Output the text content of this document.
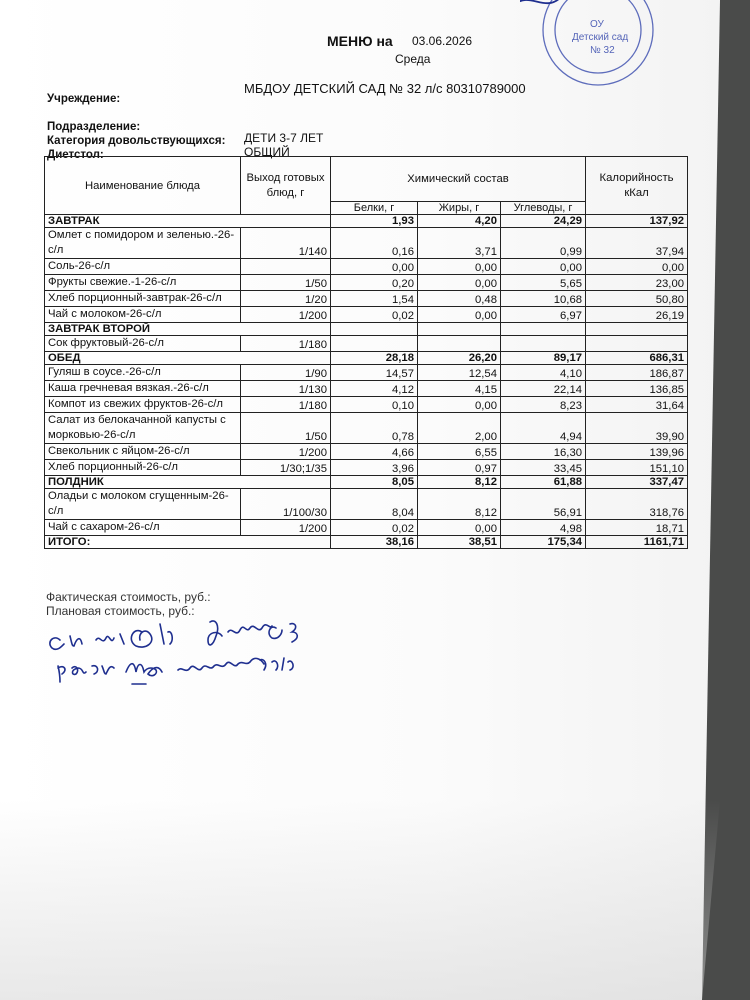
ОУ
Детский сад
№ 32
МЕНЮ на 03.06.2026
Среда
Учреждение:
МБДОУ ДЕТСКИЙ САД № 32 л/с 80310789000
Подразделение:
Категория довольствующихся: ДЕТИ 3-7 ЛЕТ
Диетстол:	ОБЩИЙ
Наименование блюда	Выход готовых блюд, г	Химический состав			Калорийность кКал
		Белки, г	Жиры, г	Углеводы, г	
ЗАВТРАК		1,93	4,20	24,29	137,92
Омлет с помидором и зеленью.-26-с/л	1/140	0,16	3,71	0,99	37,94
Соль-26-с/л		0,00	0,00	0,00	0,00
Фрукты свежие.-1-26-с/л	1/50	0,20	0,00	5,65	23,00
Хлеб порционный-завтрак-26-с/л	1/20	1,54	0,48	10,68	50,80
Чай с молоком-26-с/л	1/200	0,02	0,00	6,97	26,19
ЗАВТРАК ВТОРОЙ					
Сок фруктовый-26-с/л	1/180				
ОБЕД		28,18	26,20	89,17	686,31
Гуляш в соусе.-26-с/л	1/90	14,57	12,54	4,10	186,87
Каша гречневая вязкая.-26-с/л	1/130	4,12	4,15	22,14	136,85
Компот из свежих фруктов-26-с/л	1/180	0,10	0,00	8,23	31,64
Салат из белокачанной капусты с морковью-26-с/л	1/50	0,78	2,00	4,94	39,90
Свекольник с яйцом-26-с/л	1/200	4,66	6,55	16,30	139,96
Хлеб порционный-26-с/л	1/30;1/35	3,96	0,97	33,45	151,10
ПОЛДНИК		8,05	8,12	61,88	337,47
Оладьи с молоком сгущенным-26-с/л	1/100/30	8,04	8,12	56,91	318,76
Чай с сахаром-26-с/л	1/200	0,02	0,00	4,98	18,71
ИТОГО:		38,16	38,51	175,34	1161,71
Фактическая стоимость, руб.:
Плановая стоимость, руб.:
